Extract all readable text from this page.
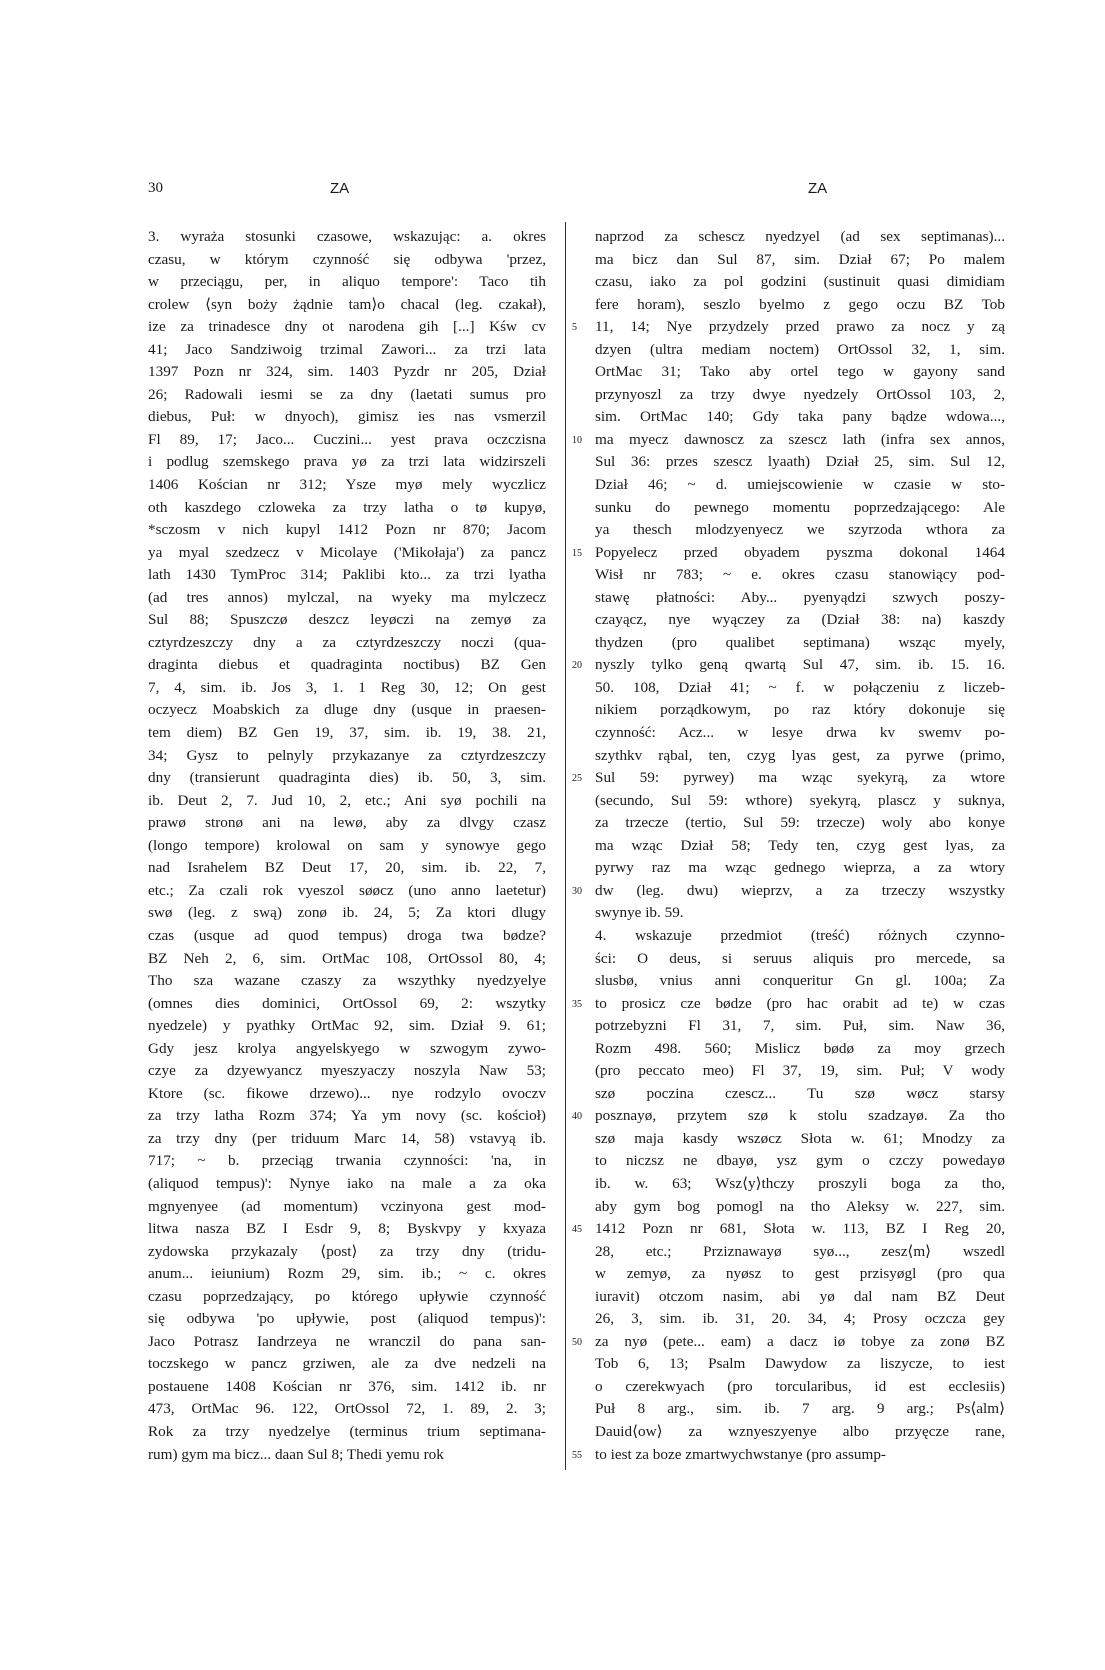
30	ZA	ZA
3. wyraża stosunki czasowe, wskazując: a. okres
czasu, w którym czynność się odbywa 'przez,
w przeciągu, per, in aliquo tempore': Taco tih
crolew ⟨syn boży żądnie tam⟩o chacal (leg. czakał),
ize za trinadesce dny ot narodena gih [...] Kśw cv
41; Jaco Sandziwoig trzimal Zawori... za trzi lata
1397 Pozn nr 324, sim. 1403 Pyzdr nr 205, Dział
26; Radowali iesmi se za dny (laetati sumus pro
diebus, Puł: w dnyoch), gimisz ies nas vsmerzil
Fl 89, 17; Jaco... Cuczini... yest prava oczczisna
i podlug szemskego prava yø za trzi lata widzirszeli
1406 Kościan nr 312; Ysze myø mely wyczlicz
oth kaszdego czloweka za trzy latha o tø kupyø,
*sczosm v nich kupyl 1412 Pozn nr 870; Jacom
ya myal szedzecz v Micolaye ('Mikołaja') za pancz
lath 1430 TymProc 314; Paklibi kto... za trzi lyatha
(ad tres annos) mylczal, na wyeky ma mylczecz
Sul 88; Spuszczø deszcz leyøczi na zemyø za
cztyrdzeszczy dny a za cztyrdzeszczy noczi (qua-
draginta diebus et quadraginta noctibus) BZ Gen
7, 4, sim. ib. Jos 3, 1. 1 Reg 30, 12; On gest
oczyecz Moabskich za dluge dny (usque in praesen-
tem diem) BZ Gen 19, 37, sim. ib. 19, 38. 21,
34; Gysz to pelnyly przykazanye za cztyrdzeszczy
dny (transierunt quadraginta dies) ib. 50, 3, sim.
ib. Deut 2, 7. Jud 10, 2, etc.; Ani syø pochili na
prawø stronø ani na lewø, aby za dlvgy czasz
(longo tempore) krolowal on sam y synowye gego
nad Israhelem BZ Deut 17, 20, sim. ib. 22, 7,
etc.; Za czali rok vyeszol søøcz (uno anno laetetur)
swø (leg. z swą) zonø ib. 24, 5; Za ktori dlugy
czas (usque ad quod tempus) droga twa bødze?
BZ Neh 2, 6, sim. OrtMac 108, OrtOssol 80, 4;
Tho sza wazane czaszy za wszythky nyedzyelye
(omnes dies dominici, OrtOssol 69, 2: wszytky
nyedzele) y pyathky OrtMac 92, sim. Dział 9. 61;
Gdy jesz krolya angyelskyego w szwogym zywo-
czye za dzyewyancz myeszyaczy noszyla Naw 53;
Ktore (sc. fikowe drzewo)... nye rodzylo ovoczv
za trzy latha Rozm 374; Ya ym novy (sc. kościoł)
za trzy dny (per triduum Marc 14, 58) vstavyą ib.
717; ~ b. przeciąg trwania czynności: 'na, in
(aliquod tempus)': Nynye iako na male a za oka
mgnyenyee (ad momentum) vczinyona gest mod-
litwa nasza BZ I Esdr 9, 8; Byskvpy y kxyaza
zydowska przykazaly ⟨post⟩ za trzy dny (tridu-
anum... ieiunium) Rozm 29, sim. ib.; ~ c. okres
czasu poprzedzający, po którego upływie czynność
się odbywa 'po upływie, post (aliquod tempus)':
Jaco Potrasz Iandrzeya ne wranczil do pana san-
toczskego w pancz grziwen, ale za dve nedzeli na
postauene 1408 Kościan nr 376, sim. 1412 ib. nr
473, OrtMac 96. 122, OrtOssol 72, 1. 89, 2. 3;
Rok za trzy nyedzelye (terminus trium septimana-
rum) gym ma bicz... daan Sul 8; Thedi yemu rok
5
10
15
20
25
30
35
40
45
50
55
naprzod za schescz nyedzyel (ad sex septimanas)...
ma bicz dan Sul 87, sim. Dział 67; Po malem
czasu, iako za pol godzini (sustinuit quasi dimidiam
fere horam), seszlo byelmo z gego oczu BZ Tob
11, 14; Nye przydzely przed prawo za nocz y zą
dzyen (ultra mediam noctem) OrtOssol 32, 1, sim.
OrtMac 31; Tako aby ortel tego w gayony sand
przynyoszl za trzy dwye nyedzely OrtOssol 103, 2,
sim. OrtMac 140; Gdy taka pany bądze wdowa...,
ma myecz dawnoscz za szescz lath (infra sex annos,
Sul 36: przes szescz lyaath) Dział 25, sim. Sul 12,
Dział 46; ~ d. umiejscowienie w czasie w sto-
sunku do pewnego momentu poprzedzającego: Ale
ya thesch mlodzyenyecz we szyrzoda wthora za
Popyelecz przed obyadem pyszma dokonal 1464
Wisł nr 783; ~ e. okres czasu stanowiący pod-
stawę płatności: Aby... pyenyądzi szwych poszy-
czayącz, nye wyączey za (Dział 38: na) kaszdy
thydzen (pro qualibet septimana) wsząc myely,
nyszly tylko geną qwartą Sul 47, sim. ib. 15. 16.
50. 108, Dział 41; ~ f. w połączeniu z liczeb-
nikiem porządkowym, po raz który dokonuje się
czynność: Acz... w lesye drwa kv swemv po-
szythkv rąbal, ten, czyg lyas gest, za pyrwe (primo,
Sul 59: pyrwey) ma wząc syekyrą, za wtore
(secundo, Sul 59: wthore) syekyrą, plascz y suknya,
za trzecze (tertio, Sul 59: trzecze) woly abo konye
ma wząc Dział 58; Tedy ten, czyg gest lyas, za
pyrwy raz ma wząc gednego wieprza, a za wtory
dw (leg. dwu) wieprzv, a za trzeczy wszystky
swynye ib. 59.
4. wskazuje przedmiot (treść) różnych czynno-
ści: O deus, si seruus aliquis pro mercede, sa
slusbø, vnius anni conqueritur Gn gl. 100a; Za
to prosicz cze bødze (pro hac orabit ad te) w czas
potrzebyzni Fl 31, 7, sim. Puł, sim. Naw 36,
Rozm 498. 560; Mislicz bødø za moy grzech
(pro peccato meo) Fl 37, 19, sim. Puł; V wody
szø poczina czescz... Tu szø wøcz starsy
posznayø, przytem szø k stolu szadzayø. Za tho
szø maja kasdy wszøcz Słota w. 61; Mnodzy za
to niczsz ne dbayø, ysz gym o czczy powedayø
ib. w. 63; Wsz⟨y⟩thczy proszyli boga za tho,
aby gym bog pomogl na tho Aleksy w. 227, sim.
1412 Pozn nr 681, Słota w. 113, BZ I Reg 20,
28, etc.; Prziznawayø syø..., zesz⟨m⟩ wszedl
w zemyø, za nyøsz to gest przisyøgl (pro qua
iuravit) otczom nasim, abi yø dal nam BZ Deut
26, 3, sim. ib. 31, 20. 34, 4; Prosy oczcza gey
za nyø (pete... eam) a dacz iø tobye za zonø BZ
Tob 6, 13; Psalm Dawydow za liszycze, to iest
o czerekwyach (pro torcularibus, id est ecclesiis)
Puł 8 arg., sim. ib. 7 arg. 9 arg.; Ps⟨alm⟩
Dauid⟨ow⟩ za wznyeszyenye albo przyęcze rane,
to iest za boze zmartwychwstanye (pro assump-
